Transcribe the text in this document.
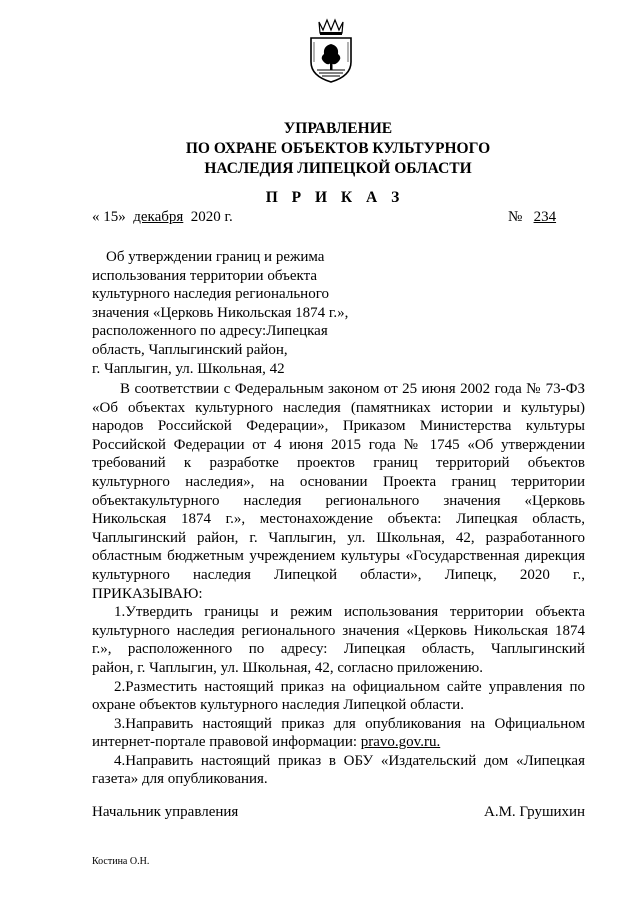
УПРАВЛЕНИЕ
ПО ОХРАНЕ ОБЪЕКТОВ КУЛЬТУРНОГО
НАСЛЕДИЯ ЛИПЕЦКОЙ ОБЛАСТИ
П Р И К А З
« 15» декабря 2020 г.	№ 234
Об утверждении границ и режима
использования территории объекта
культурного наследия регионального
значения «Церковь Никольская 1874 г.»,
расположенного по адресу:Липецкая
область, Чаплыгинский район,
г. Чаплыгин, ул. Школьная, 42
В соответствии с Федеральным законом от 25 июня 2002 года № 73-ФЗ
«Об объектах культурного наследия (памятниках истории и культуры)
народов Российской Федерации», Приказом Министерства культуры
Российской Федерации от 4 июня 2015 года № 1745 «Об утверждении
требований к разработке проектов границ территорий объектов
культурного наследия», на основании Проекта границ территории
объектакультурного наследия регионального значения «Церковь
Никольская 1874 г.», местонахождение объекта: Липецкая область,
Чаплыгинский район, г. Чаплыгин, ул. Школьная, 42, разработанного
областным бюджетным учреждением культуры «Государственная дирекция
культурного наследия Липецкой области», Липецк, 2020 г.,
ПРИКАЗЫВАЮ:
1.Утвердить границы и режим использования территории объекта
культурного наследия регионального значения «Церковь Никольская 1874
г.», расположенного по адресу: Липецкая область, Чаплыгинский
район, г. Чаплыгин, ул. Школьная, 42, согласно приложению.
2.Разместить настоящий приказ на официальном сайте управления по
охране объектов культурного наследия Липецкой области.
3.Направить настоящий приказ для опубликования на Официальном
интернет-портале правовой информации: pravo.gov.ru.
4.Направить настоящий приказ в ОБУ «Издательский дом «Липецкая
газета» для опубликования.
Начальник управления	А.М. Грушихин
Костина О.Н.
